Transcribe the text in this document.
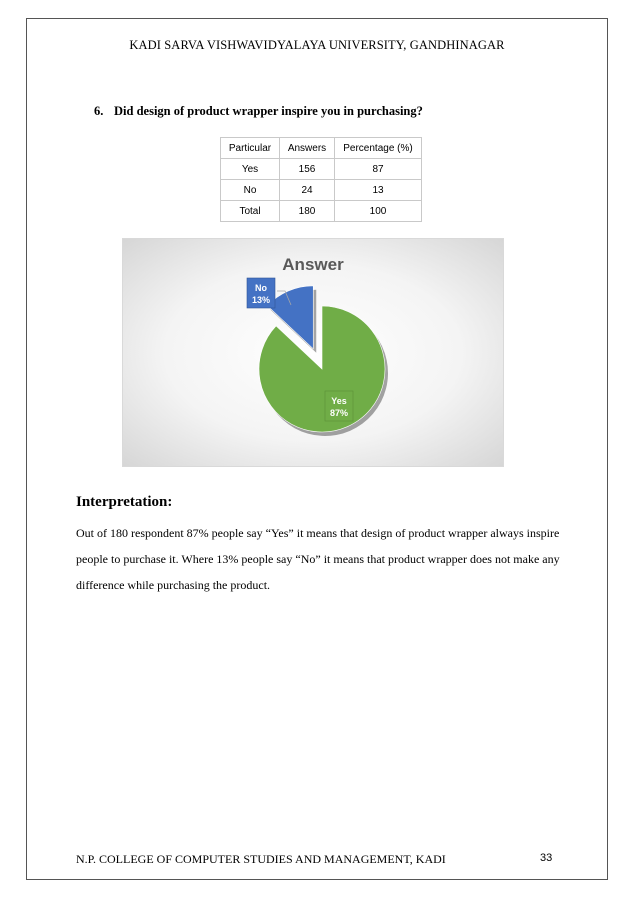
KADI SARVA VISHWAVIDYALAYA UNIVERSITY, GANDHINAGAR
6. Did design of product wrapper inspire you in purchasing?
Particular	Answers	Percentage (%)
Yes	156	87
No	24	13
Total	180	100
Answer
Yes
87%
No
13%
Interpretation:
Out of 180 respondent 87% people say “Yes” it means that design of product wrapper always inspire people to purchase it. Where 13% people say “No” it means that product wrapper does not make any difference while purchasing the product.
N.P. COLLEGE OF COMPUTER STUDIES AND MANAGEMENT, KADI	33
